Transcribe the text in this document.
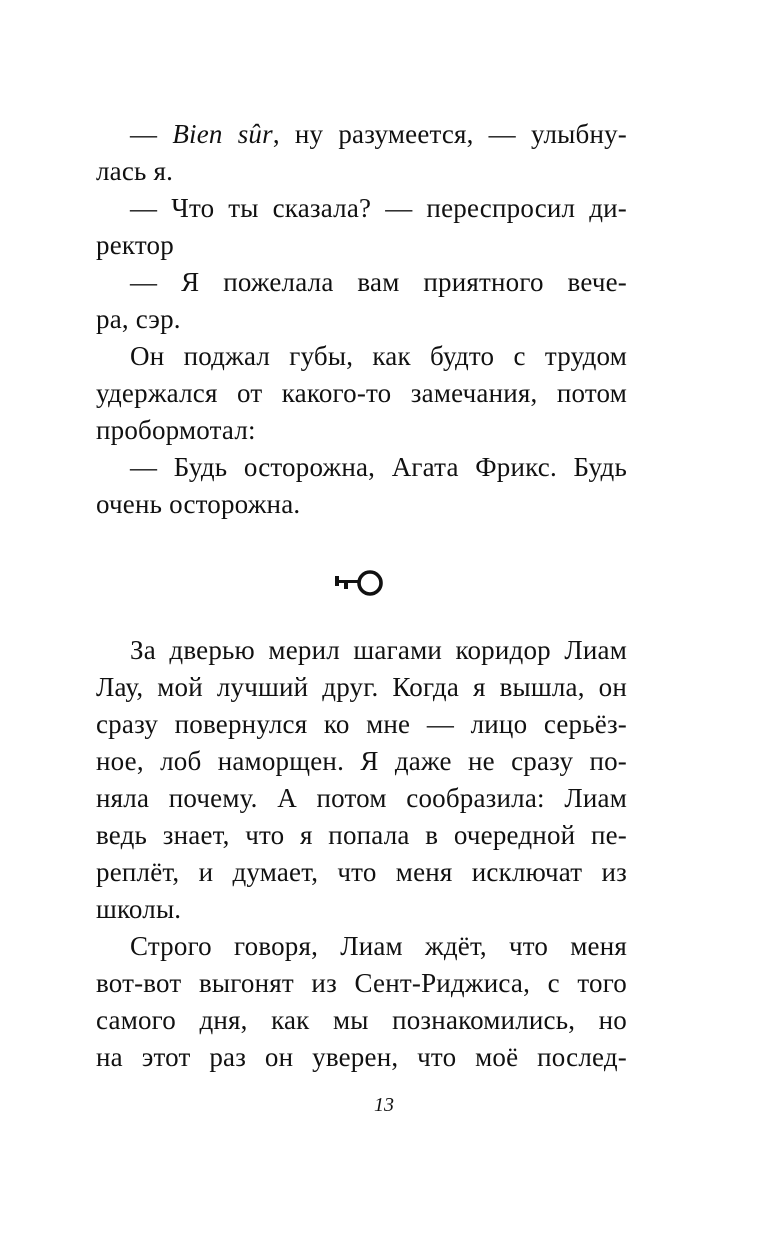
— Bien sûr, ну разумеется, — улыбну-
лась я.
— Что ты сказала? — переспросил ди-
ректор
— Я пожелала вам приятного вече-
ра, сэр.
Он поджал губы, как будто с трудом
удержался от какого-то замечания, потом
пробормотал:
— Будь осторожна, Агата Фрикс. Будь
очень осторожна.
За дверью мерил шагами коридор Лиам
Лау, мой лучший друг. Когда я вышла, он
сразу повернулся ко мне — лицо серьёз-
ное, лоб наморщен. Я даже не сразу по-
няла почему. А потом сообразила: Лиам
ведь знает, что я попала в очередной пе-
реплёт, и думает, что меня исключат из
школы.
Строго говоря, Лиам ждёт, что меня
вот-вот выгонят из Сент-Риджиса, с того
самого дня, как мы познакомились, но
на этот раз он уверен, что моё послед-
13
